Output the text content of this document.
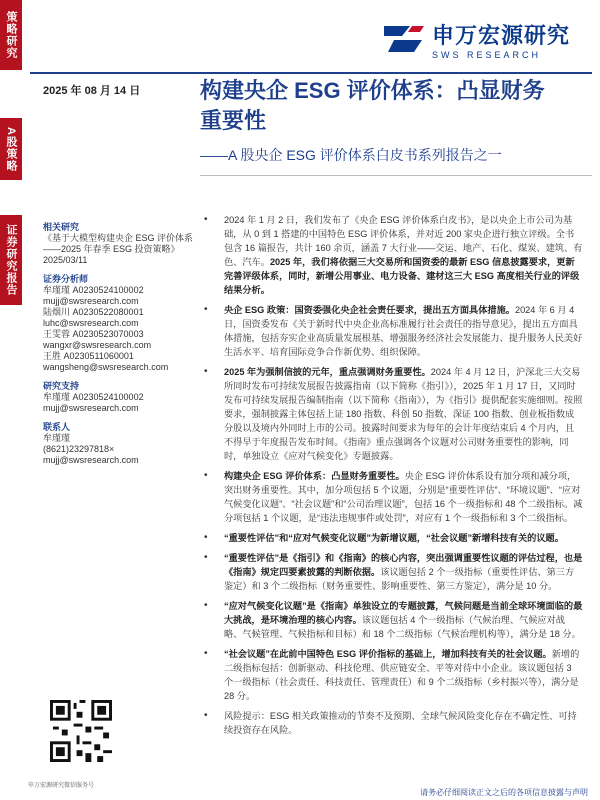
策略研究
A股策略
证券研究报告
申万宏源研究
SWS RESEARCH
2025 年 08 月 14 日	构建央企 ESG 评价体系：凸显财务
重要性
——A 股央企 ESG 评价体系白皮书系列报告之一
相关研究
《基于大模型构建央企 ESG 评价体系——2025 年春季 ESG 投资策略》
2025/03/11
证券分析师
牟瑾瑾 A0230524100002
mujj@swsresearch.com
陆烟川 A0230522080001
luhc@swsresearch.com
王雯蓉 A0230523070003
wangxr@swsresearch.com
王胜 A0230511060001
wangsheng@swsresearch.com
研究支持
牟瑾瑾 A0230524100002
mujj@swsresearch.com
联系人
牟瑾瑾
(8621)23297818×
mujj@swsresearch.com
申万宏源研究微信服务号
• 2024 年 1 月 2 日，我们发布了《央企 ESG 评价体系白皮书》，是以央企上市公司为基础，从 0 到 1 搭建的中国特色 ESG 评价体系，并对近 200 家央企进行独立评级。全书包含 16 篇报告，共计 160 余页，涵盖 7 大行业——交运、地产、石化、煤炭、建筑、有色、汽车。2025 年，我们将依据三大交易所和国资委的最新 ESG 信息披露要求，更新完善评级体系，同时，新增公用事业、电力设备、建材这三大 ESG 高度相关行业的评级结果分析。
• 央企 ESG 政策：国资委强化央企社会责任要求，提出五方面具体措施。2024 年 6 月 4 日，国资委发布《关于新时代中央企业高标准履行社会责任的指导意见》，提出五方面具体措施，包括夯实企业高质量发展根基、增强服务经济社会发展能力、提升服务人民美好生活水平、培育国际竞争合作新优势、组织保障。
• 2025 年为强制信披的元年，重点强调财务重要性。2024 年 4 月 12 日，沪深北三大交易所同时发布可持续发展报告披露指南（以下简称《指引》），2025 年 1 月 17 日，又同时发布可持续发展报告编制指南（以下简称《指南》），为《指引》提供配套实施细则。按照要求，强制披露主体包括上证 180 指数、科创 50 指数、深证 100 指数、创业板指数成分股以及境内外同时上市的公司。披露时间要求为每年的会计年度结束后 4 个月内，且不得早于年度报告发布时间。《指南》重点强调各个议题对公司财务重要性的影响，同时，单独设立《应对气候变化》专题披露。
• 构建央企 ESG 评价体系：凸显财务重要性。央企 ESG 评价体系设有加分项和减分项，突出财务重要性。其中，加分项包括 5 个议题，分别是“重要性评估”、“环境议题”、“应对气候变化议题”、“社会议题”和“公司治理议题”，包括 16 个一级指标和 48 个二级指标。减分项包括 1 个议题，是“违法违规事件或处罚”，对应有 1 个一级指标和 3 个二级指标。
• “重要性评估”和“应对气候变化议题”为新增议题，“社会议题”新增科技有关的议题。
• “重要性评估”是《指引》和《指南》的核心内容，突出强调重要性议题的评估过程，也是《指南》规定四要素披露的判断依据。该议题包括 2 个一级指标（重要性评估、第三方鉴定）和 3 个二级指标（财务重要性、影响重要性、第三方鉴定），满分是 10 分。
• “应对气候变化议题”是《指南》单独设立的专题披露，气候问题是当前全球环境面临的最大挑战，是环境治理的核心内容。该议题包括 4 个一级指标（气候治理、气候应对战略、气候管理、气候指标和目标）和 18 个二级指标（气候治理机构等），满分是 18 分。
• “社会议题”在此前中国特色 ESG 评价指标的基础上，增加科技有关的社会议题。新增的二级指标包括：创新驱动、科技伦理、供应链安全、平等对待中小企业。该议题包括 3 个一级指标（社会责任、科技责任、管理责任）和 9 个二级指标（乡村振兴等），满分是 28 分。
• 风险提示：ESG 相关政策推动的节奏不及预期、全球气候风险变化存在不确定性、可持续投资存在风险。
请务必仔细阅读正文之后的各项信息披露与声明
